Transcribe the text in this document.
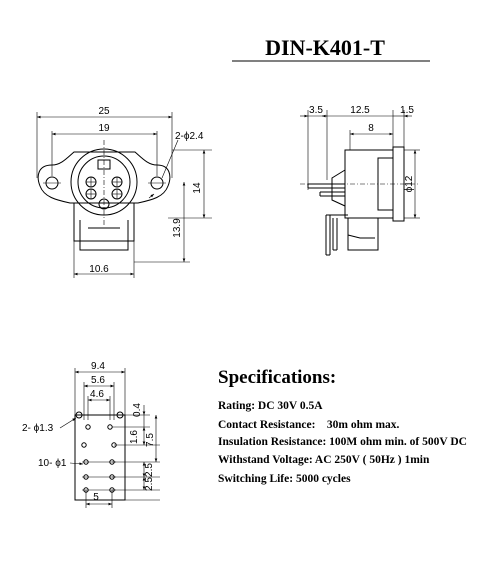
DIN-K401-T
25
19
2-ϕ2.4
14
13.9
10.6
3.5	12.5	1.5
8
ϕ12
9.4
5.6
4.6
2- ϕ1.3
10- ϕ1
0.4
1.6 7.5
2.5
2.5
5
Specifications:
Rating: DC 30V 0.5A
Contact Resistance:    30m ohm max.
Insulation Resistance: 100M ohm min. of 500V DC
Withstand Voltage: AC 250V ( 50Hz ) 1min
Switching Life: 5000 cycles
